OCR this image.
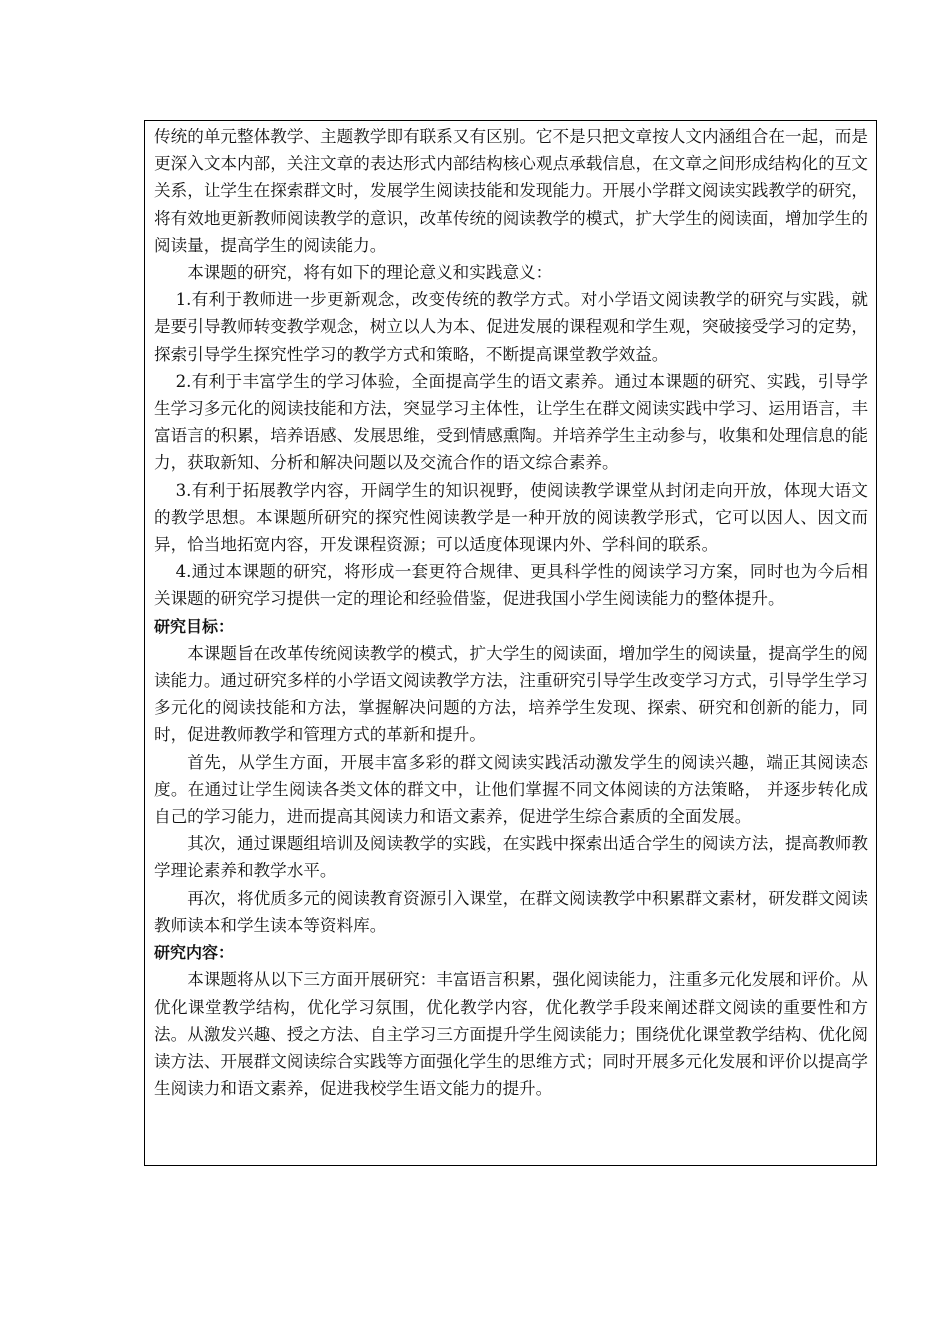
传统的单元整体教学、主题教学即有联系又有区别。它不是只把文章按人文内涵组合在一起，而是更深入文本内部，关注文章的表达形式内部结构核心观点承载信息，在文章之间形成结构化的互文关系，让学生在探索群文时，发展学生阅读技能和发现能力。开展小学群文阅读实践教学的研究，将有效地更新教师阅读教学的意识，改革传统的阅读教学的模式，扩大学生的阅读面，增加学生的阅读量，提高学生的阅读能力。

本课题的研究，将有如下的理论意义和实践意义：

1.有利于教师进一步更新观念，改变传统的教学方式。对小学语文阅读教学的研究与实践，就是要引导教师转变教学观念，树立以人为本、促进发展的课程观和学生观，突破接受学习的定势，探索引导学生探究性学习的教学方式和策略，不断提高课堂教学效益。

2.有利于丰富学生的学习体验，全面提高学生的语文素养。通过本课题的研究、实践，引导学生学习多元化的阅读技能和方法，突显学习主体性，让学生在群文阅读实践中学习、运用语言，丰富语言的积累，培养语感、发展思维，受到情感熏陶。并培养学生主动参与，收集和处理信息的能力，获取新知、分析和解决问题以及交流合作的语文综合素养。

3.有利于拓展教学内容，开阔学生的知识视野，使阅读教学课堂从封闭走向开放，体现大语文的教学思想。本课题所研究的探究性阅读教学是一种开放的阅读教学形式，它可以因人、因文而异，恰当地拓宽内容，开发课程资源；可以适度体现课内外、学科间的联系。

4.通过本课题的研究，将形成一套更符合规律、更具科学性的阅读学习方案，同时也为今后相关课题的研究学习提供一定的理论和经验借鉴，促进我国小学生阅读能力的整体提升。

研究目标：

本课题旨在改革传统阅读教学的模式，扩大学生的阅读面，增加学生的阅读量，提高学生的阅读能力。通过研究多样的小学语文阅读教学方法，注重研究引导学生改变学习方式，引导学生学习多元化的阅读技能和方法，掌握解决问题的方法，培养学生发现、探索、研究和创新的能力，同时，促进教师教学和管理方式的革新和提升。

首先，从学生方面，开展丰富多彩的群文阅读实践活动激发学生的阅读兴趣，端正其阅读态度。在通过让学生阅读各类文体的群文中，让他们掌握不同文体阅读的方法策略， 并逐步转化成自己的学习能力，进而提高其阅读力和语文素养，促进学生综合素质的全面发展。

其次，通过课题组培训及阅读教学的实践，在实践中探索出适合学生的阅读方法，提高教师教学理论素养和教学水平。

再次，将优质多元的阅读教育资源引入课堂，在群文阅读教学中积累群文素材，研发群文阅读教师读本和学生读本等资料库。

研究内容：

本课题将从以下三方面开展研究：丰富语言积累，强化阅读能力，注重多元化发展和评价。从优化课堂教学结构，优化学习氛围，优化教学内容，优化教学手段来阐述群文阅读的重要性和方法。从激发兴趣、授之方法、自主学习三方面提升学生阅读能力；围绕优化课堂教学结构、优化阅读方法、开展群文阅读综合实践等方面强化学生的思维方式；同时开展多元化发展和评价以提高学生阅读力和语文素养，促进我校学生语文能力的提升。
